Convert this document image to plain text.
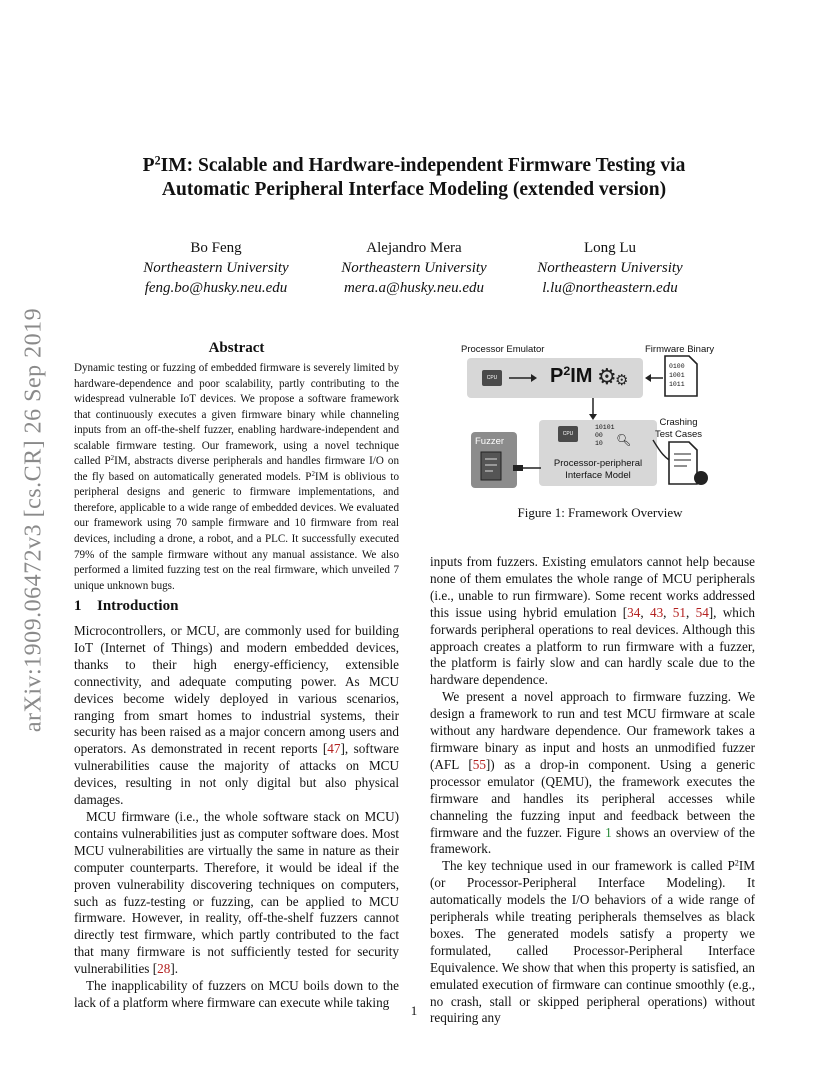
arXiv:1909.06472v3 [cs.CR] 26 Sep 2019
$P^2IM$: Scalable and Hardware-independent Firmware Testing via
Automatic Peripheral Interface Modeling (extended version)
Bo Feng
Northeastern University
feng.bo@husky.neu.edu
Alejandro Mera
Northeastern University
mera.a@husky.neu.edu
Long Lu
Northeastern University
l.lu@northeastern.edu
Abstract
Dynamic testing or fuzzing of embedded firmware is severely limited by hardware-dependence and poor scalability, partly contributing to the widespread vulnerable IoT devices. We propose a software framework that continuously executes a given firmware binary while channeling inputs from an off-the-shelf fuzzer, enabling hardware-independent and scalable firmware testing. Our framework, using a novel technique called $P^2IM$, abstracts diverse peripherals and handles firmware I/O on the fly based on automatically generated models. $P^2IM$ is oblivious to peripheral designs and generic to firmware implementations, and therefore, applicable to a wide range of embedded devices. We evaluated our framework using 70 sample firmware and 10 firmware from real devices, including a drone, a robot, and a PLC. It successfully executed 79% of the sample firmware without any manual assistance. We also performed a limited fuzzing test on the real firmware, which unveiled 7 unique unknown bugs.
1 Introduction

Microcontrollers, or MCU, are commonly used for building IoT (Internet of Things) and modern embedded devices, thanks to their high energy-efficiency, extensible connectivity, and adequate computing power. As MCU devices become widely deployed in various scenarios, ranging from smart homes to industrial systems, their security has been raised as a major concern among users and operators. As demonstrated in recent reports [47], software vulnerabilities cause the majority of attacks on MCU devices, resulting in not only digital but also physical damages.

MCU firmware (i.e., the whole software stack on MCU) contains vulnerabilities just as computer software does. Most MCU vulnerabilities are virtually the same in nature as their computer counterparts. Therefore, it would be ideal if the proven vulnerability discovering techniques on computers, such as fuzz-testing or fuzzing, can be applied to MCU firmware. However, in reality, off-the-shelf fuzzers cannot directly test firmware, which partly contributed to the fact that many firmware is not sufficiently tested for security vulnerabilities [28].

The inapplicability of fuzzers on MCU boils down to the lack of a platform where firmware can execute while taking

Processor Emulator	Firmware Binary
CPU	$P^2IM$ ⚙
⚙
0100
1001
1011
CPU
10101
00
10	🔍︎
Processor-peripheral
Interface Model
Fuzzer
Crashing
Test Cases
Figure 1: Framework Overview

inputs from fuzzers. Existing emulators cannot help because none of them emulates the whole range of MCU peripherals (i.e., unable to run firmware). Some recent works addressed this issue using hybrid emulation [34, 43, 51, 54], which forwards peripheral operations to real devices. Although this approach creates a platform to run firmware with a fuzzer, the platform is fairly slow and can hardly scale due to the hardware dependence.

We present a novel approach to firmware fuzzing. We design a framework to run and test MCU firmware at scale without any hardware dependence. Our framework takes a firmware binary as input and hosts an unmodified fuzzer (AFL [55]) as a drop-in component. Using a generic processor emulator (QEMU), the framework executes the firmware and handles its peripheral accesses while channeling the fuzzing input and feedback between the firmware and the fuzzer. Figure 1 shows an overview of the framework.

The key technique used in our framework is called $P^2IM$ (or Processor-Peripheral Interface Modeling). It automatically models the I/O behaviors of a wide range of peripherals while treating peripherals themselves as black boxes. The generated models satisfy a property we formulated, called Processor-Peripheral Interface Equivalence. We show that when this property is satisfied, an emulated execution of firmware can continue smoothly (e.g., no crash, stall or skipped peripheral operations) without requiring any

1
